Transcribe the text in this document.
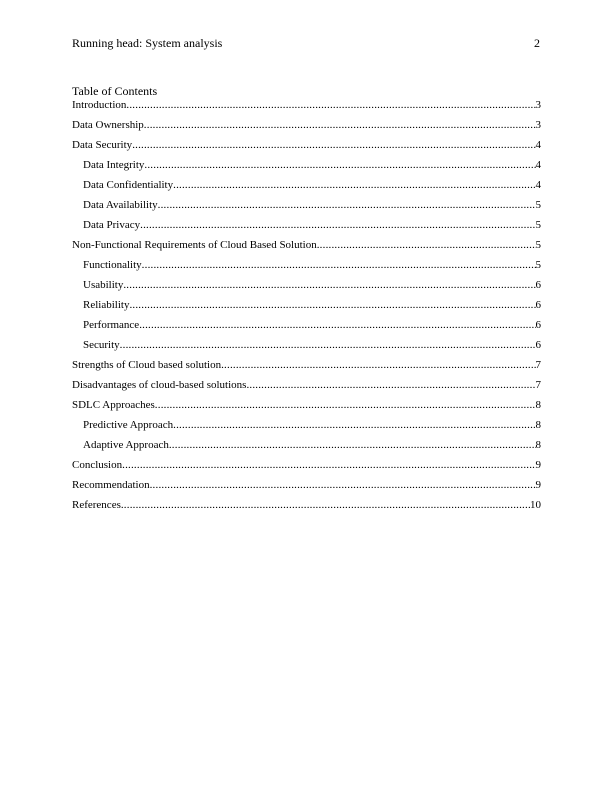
Running head: System analysis	2
Table of Contents
Introduction .....	3
Data Ownership .....	3
Data Security .....	4
Data Integrity .....	4
Data Confidentiality .....	4
Data Availability .....	5
Data Privacy .....	5
Non-Functional Requirements of Cloud Based Solution .....	5
Functionality .....	5
Usability .....	6
Reliability .....	6
Performance .....	6
Security .....	6
Strengths of Cloud based solution .....	7
Disadvantages of cloud-based solutions .....	7
SDLC Approaches .....	8
Predictive Approach .....	8
Adaptive Approach .....	8
Conclusion .....	9
Recommendation .....	9
References .....	10
